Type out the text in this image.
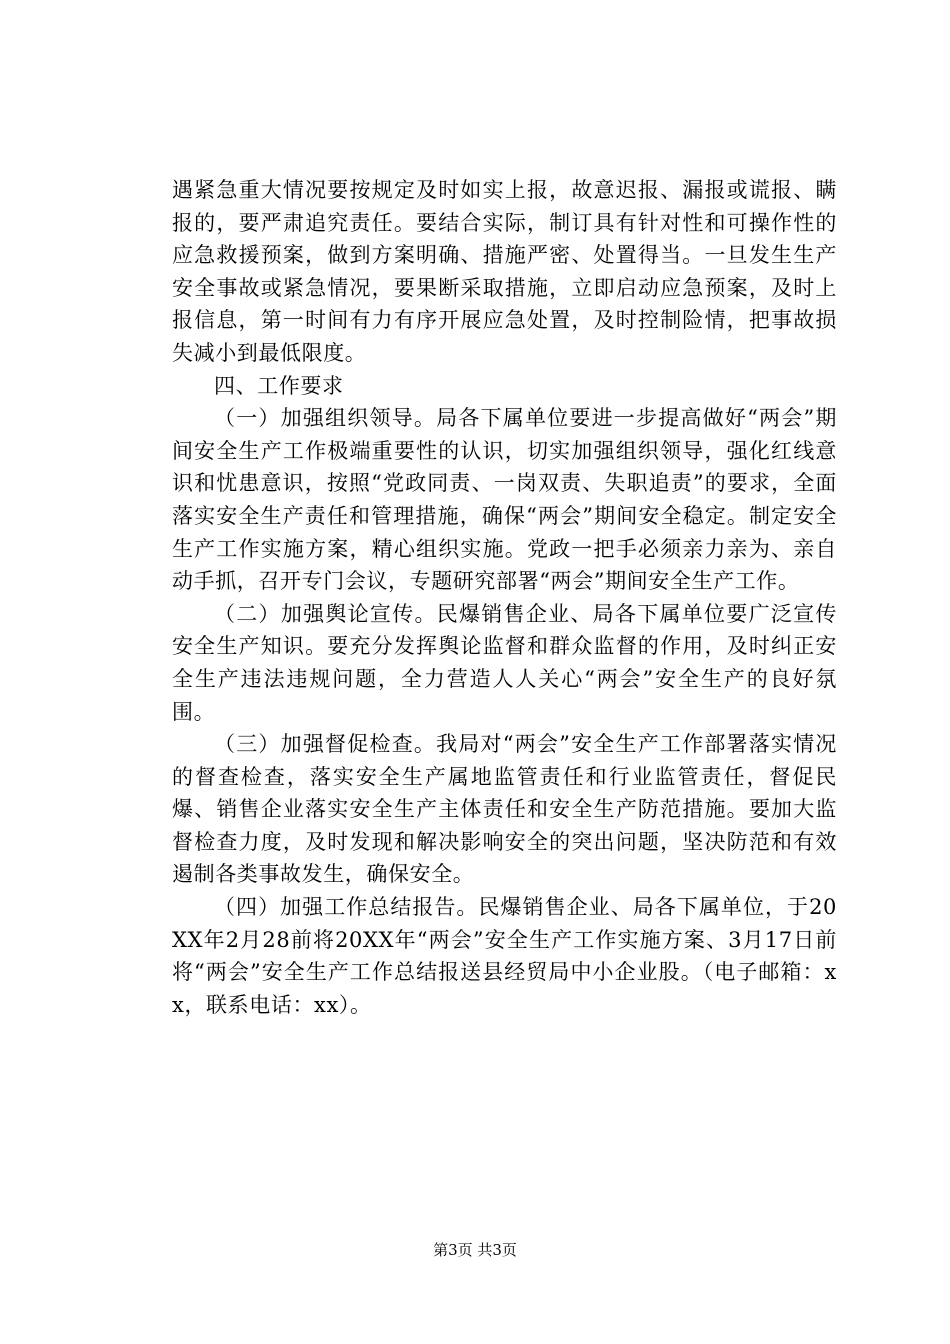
遇紧急重大情况要按规定及时如实上报，故意迟报、漏报或谎报、瞒报的，要严肃追究责任。要结合实际，制订具有针对性和可操作性的应急救援预案，做到方案明确、措施严密、处置得当。一旦发生生产安全事故或紧急情况，要果断采取措施，立即启动应急预案，及时上报信息，第一时间有力有序开展应急处置，及时控制险情，把事故损失减小到最低限度。

四、工作要求

（一）加强组织领导。局各下属单位要进一步提高做好“两会”期间安全生产工作极端重要性的认识，切实加强组织领导，强化红线意识和忧患意识，按照“党政同责、一岗双责、失职追责”的要求，全面落实安全生产责任和管理措施，确保“两会”期间安全稳定。制定安全生产工作实施方案，精心组织实施。党政一把手必须亲力亲为、亲自动手抓，召开专门会议，专题研究部署“两会”期间安全生产工作。

（二）加强舆论宣传。民爆销售企业、局各下属单位要广泛宣传安全生产知识。要充分发挥舆论监督和群众监督的作用，及时纠正安全生产违法违规问题，全力营造人人关心“两会”安全生产的良好氛围。

（三）加强督促检查。我局对“两会”安全生产工作部署落实情况的督查检查，落实安全生产属地监管责任和行业监管责任，督促民爆、销售企业落实安全生产主体责任和安全生产防范措施。要加大监督检查力度，及时发现和解决影响安全的突出问题，坚决防范和有效遏制各类事故发生，确保安全。

（四）加强工作总结报告。民爆销售企业、局各下属单位，于20XX年2月28前将20XX年“两会”安全生产工作实施方案、3月17日前将“两会”安全生产工作总结报送县经贸局中小企业股。（电子邮箱：xx，联系电话：xx）。

第3页 共3页
